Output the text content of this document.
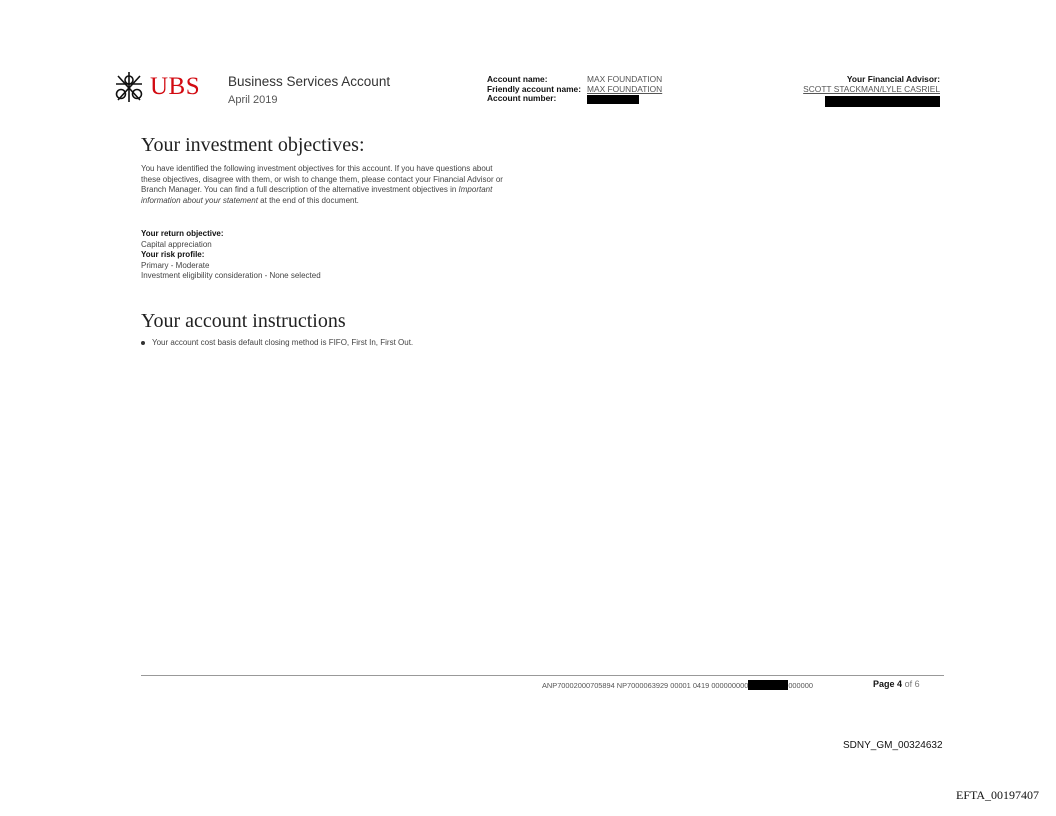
UBS Business Services Account
April 2019
Account name:	MAX FOUNDATION
Friendly account name: MAX FOUNDATION
Account number:
Your Financial Advisor:
SCOTT STACKMAN/LYLE CASRIEL
Your investment objectives:
You have identified the following investment objectives for this account. If you have questions about these objectives, disagree with them, or wish to change them, please contact your Financial Advisor or Branch Manager. You can find a full description of the alternative investment objectives in Important information about your statement at the end of this document.
Your return objective:
Capital appreciation
Your risk profile:
Primary - Moderate
Investment eligibility consideration - None selected
Your account instructions
Your account cost basis default closing method is FIFO, First In, First Out.
ANP70002000705894 NP7000063929 00001 0419 000000000	000000	Page 4 of 6
SDNY_GM_00324632
EFTA_00197407
